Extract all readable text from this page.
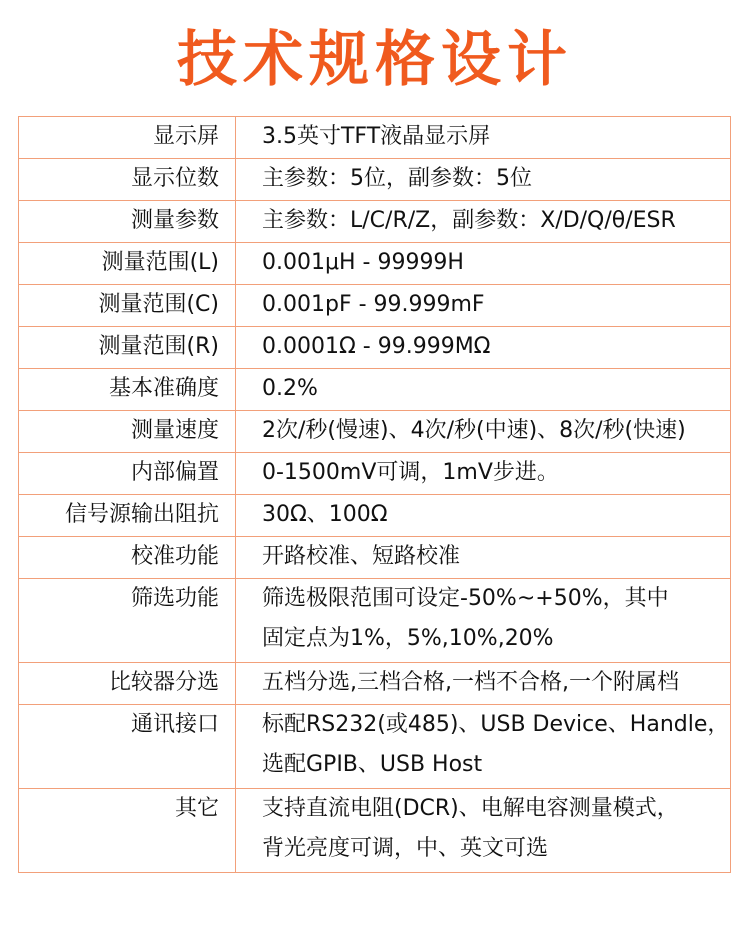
技术规格设计
显示屏	3.5英寸TFT液晶显示屏
显示位数	主参数：5位，副参数：5位
测量参数	主参数：L/C/R/Z，副参数：X/D/Q/θ/ESR
测量范围(L)	0.001μH - 99999H
测量范围(C)	0.001pF - 99.999mF
测量范围(R)	0.0001Ω - 99.999MΩ
基本准确度	0.2%
测量速度	2次/秒(慢速)、4次/秒(中速)、8次/秒(快速)
内部偏置	0-1500mV可调，1mV步进。
信号源输出阻抗	30Ω、100Ω
校准功能	开路校准、短路校准
筛选功能	筛选极限范围可设定-50%~+50%，其中
固定点为1%，5%,10%,20%

比较器分选	五档分选,三档合格,一档不合格,一个附属档
通讯接口	标配RS232(或485)、USB Device、Handle，
选配GPIB、USB Host

其它	支持直流电阻(DCR)、电解电容测量模式，
背光亮度可调，中、英文可选
